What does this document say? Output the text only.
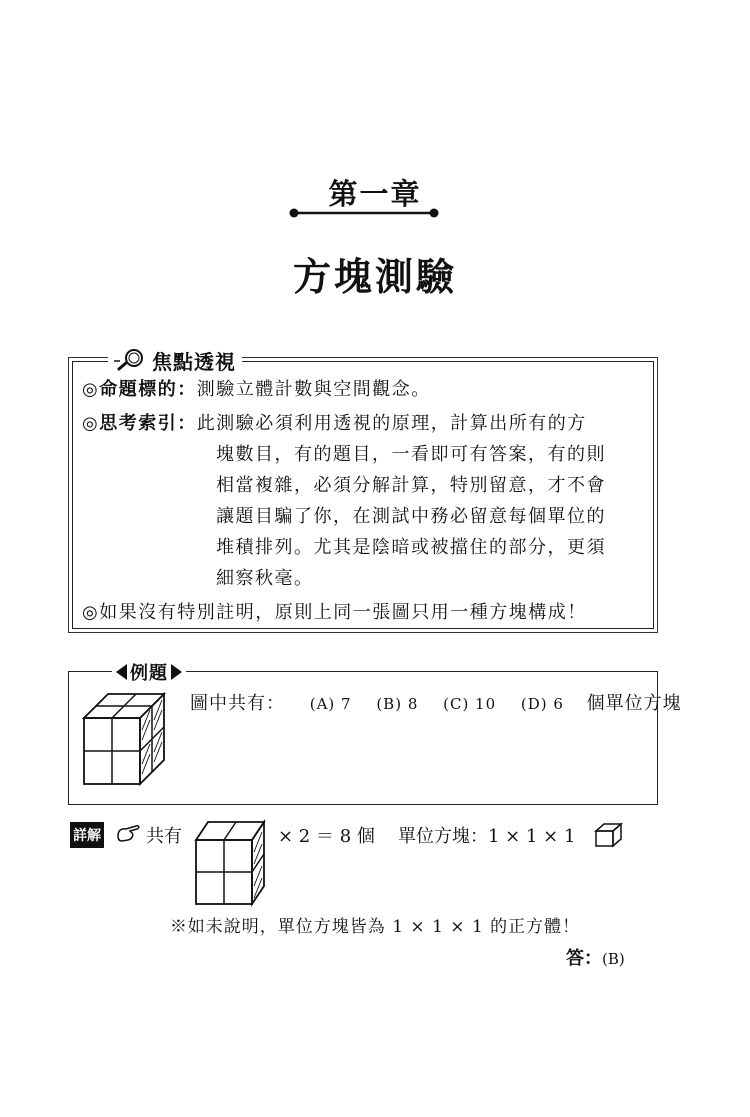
第一章
方塊測驗
焦點透視
◎命題標的：測驗立體計數與空間觀念。
◎思考索引：此測驗必須利用透視的原理，計算出所有的方
塊數目，有的題目，一看即可有答案，有的則
相當複雜，必須分解計算，特別留意，才不會
讓題目騙了你，在測試中務必留意每個單位的
堆積排列。尤其是陰暗或被擋住的部分，更須
細察秋毫。
◎如果沒有特別註明，原則上同一張圖只用一種方塊構成！
例題
圖中共有： (A) 7 (B) 8 (C) 10 (D) 6 個單位方塊
詳解	共有	× 2 ＝ 8 個 單位方塊：1 × 1 × 1
※如未說明，單位方塊皆為 1 × 1 × 1 的正方體！
答：(B)
